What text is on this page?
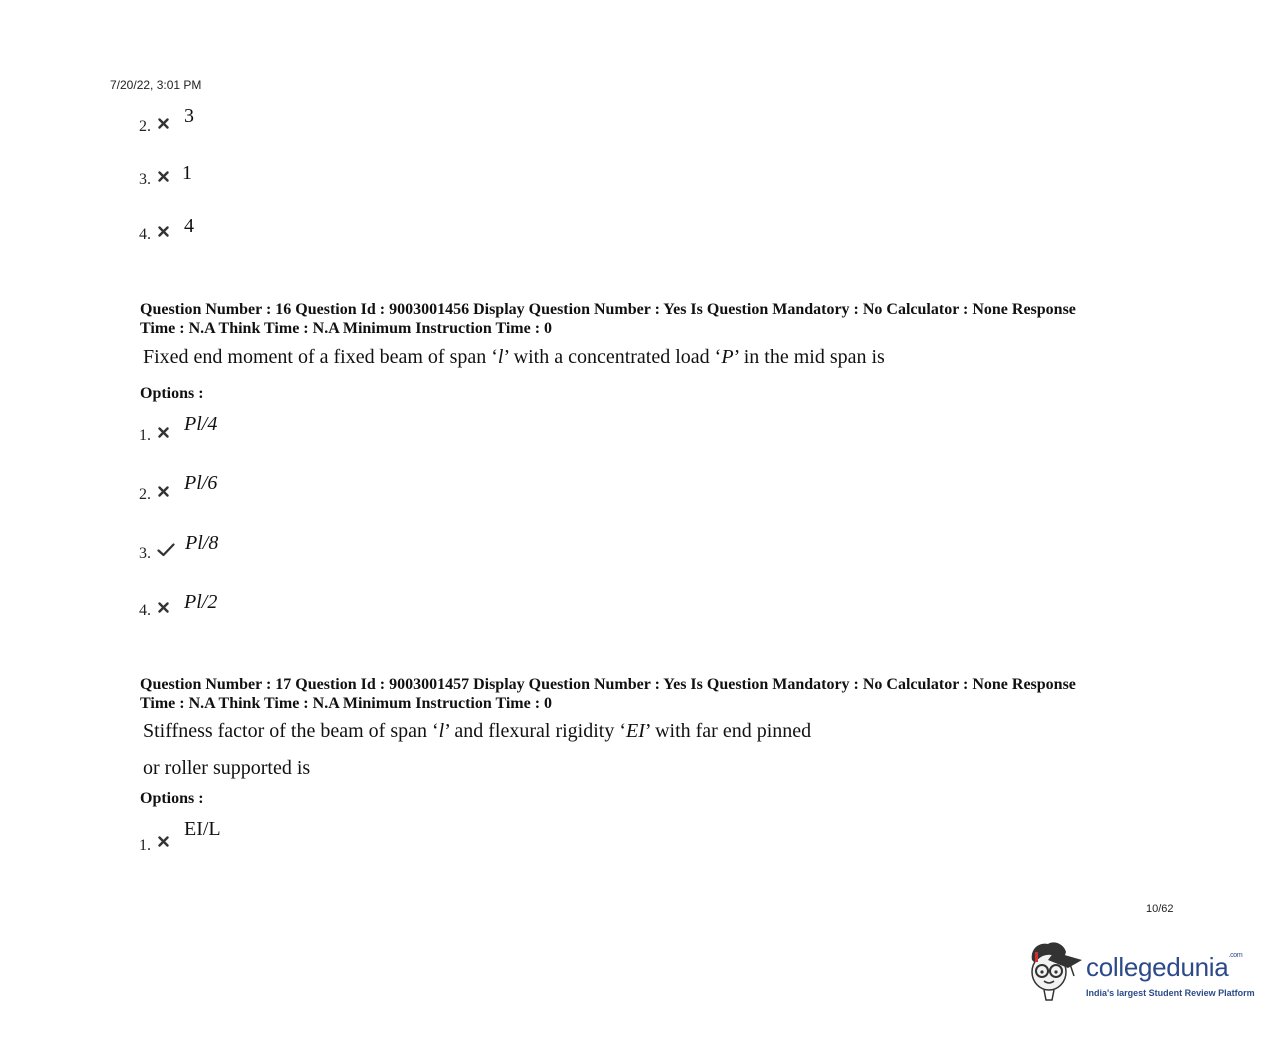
7/20/22, 3:01 PM
2. 3
3. 1
4. 4
Question Number : 16 Question Id : 9003001456 Display Question Number : Yes Is Question Mandatory : No Calculator : None Response
Time : N.A Think Time : N.A Minimum Instruction Time : 0
Fixed end moment of a fixed beam of span ‘l’ with a concentrated load ‘P’ in the mid span is
Options :
1.
Pl/4
2.
Pl/6
3. Pl/8
4. Pl/2
Question Number : 17 Question Id : 9003001457 Display Question Number : Yes Is Question Mandatory : No Calculator : None Response
Time : N.A Think Time : N.A Minimum Instruction Time : 0
Stiffness factor of the beam of span ‘l’ and flexural rigidity ‘EI’ with far end pinned
or roller supported is
Options :
1.
EI/L
10/62
collegedunia$^{.com}$
India's largest Student Review Platform
